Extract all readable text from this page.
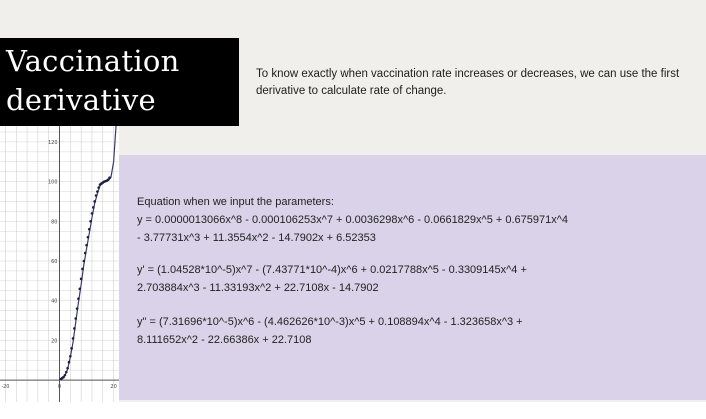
Vaccination
derivative
To know exactly when vaccination rate increases or decreases, we can use the first derivative to calculate rate of change.
20
40
60
80
100
120
-20	0	20
Equation when we input the parameters:
y = 0.0000013066x^8 - 0.000106253x^7 + 0.0036298x^6 - 0.0661829x^5 + 0.675971x^4
- 3.77731x^3 + 11.3554x^2 - 14.7902x + 6.52353
y' = (1.04528*10^-5)x^7 - (7.43771*10^-4)x^6 + 0.0217788x^5 - 0.3309145x^4 +
2.703884x^3 - 11.33193x^2 + 22.7108x - 14.7902
y" = (7.31696*10^-5)x^6 - (4.462626*10^-3)x^5 + 0.108894x^4 - 1.323658x^3 +
8.111652x^2 - 22.66386x + 22.7108
